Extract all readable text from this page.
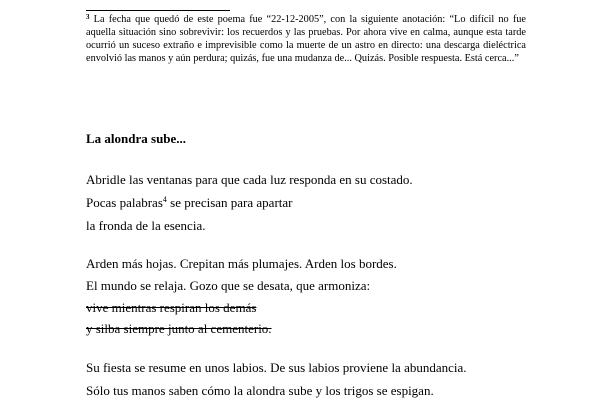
$^3$ La fecha que quedó de este poema fue “22-12-2005”, con la siguiente anotación: “Lo difícil no fue aquella situación sino sobrevivir: los recuerdos y las pruebas. Por ahora vive en calma, aunque esta tarde ocurrió un suceso extraño e imprevisible como la muerte de un astro en directo: una descarga dieléctrica envolvió las manos y aún perdura; quizás, fue una mudanza de... Quizás. Posible respuesta. Está cerca...”
La alondra sube...
Abridle las ventanas para que cada luz responda en su costado.
Pocas palabras$^4$ se precisan para apartar
la fronda de la esencia.
Arden más hojas. Crepitan más plumajes. Arden los bordes.
El mundo se relaja. Gozo que se desata, que armoniza:
vive mientras respiran los demás
y silba siempre junto al cementerio.
Su fiesta se resume en unos labios. De sus labios proviene la abundancia.
Sólo tus manos saben cómo la alondra sube y los trigos se espigan.
